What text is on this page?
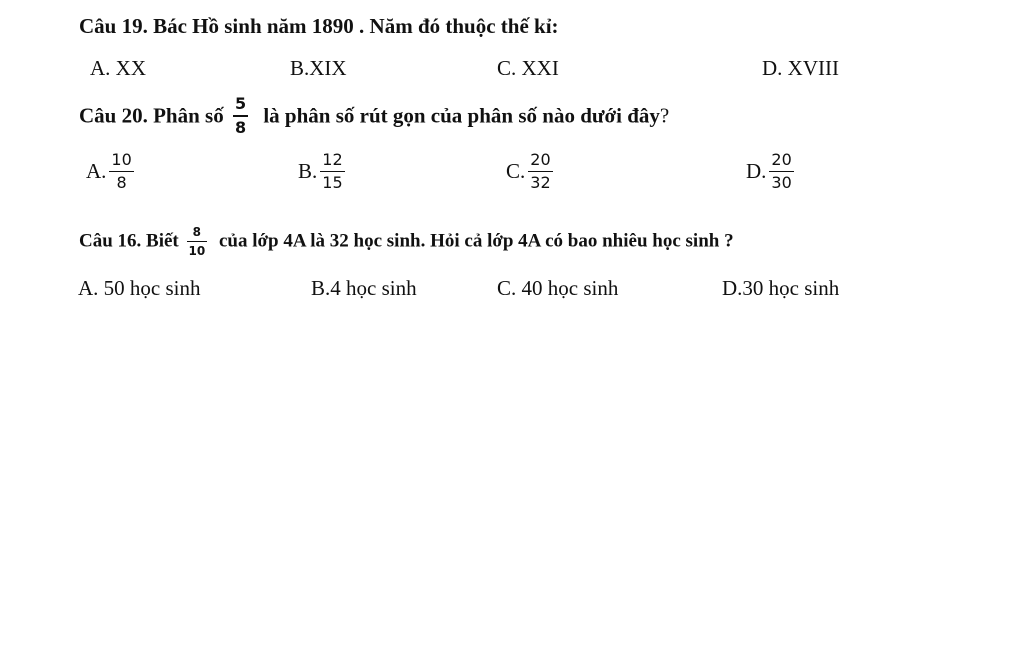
Câu 19. Bác Hồ sinh năm 1890 . Năm đó thuộc thế kỉ:
A. XX	B.XIX	C. XXI	D. XVIII
Câu 20. Phân số $\frac{5}{8}$ là phân số rút gọn của phân số nào dưới đây?
A. $\frac{10}{8}$	B. $\frac{12}{15}$	C. $\frac{20}{32}$	D. $\frac{20}{30}$
Câu 16. Biết $\frac{8}{10}$ của lớp 4A là 32 học sinh. Hỏi cả lớp 4A có bao nhiêu học sinh ?
A. 50 học sinh	B.4 học sinh	C. 40 học sinh	D.30 học sinh
